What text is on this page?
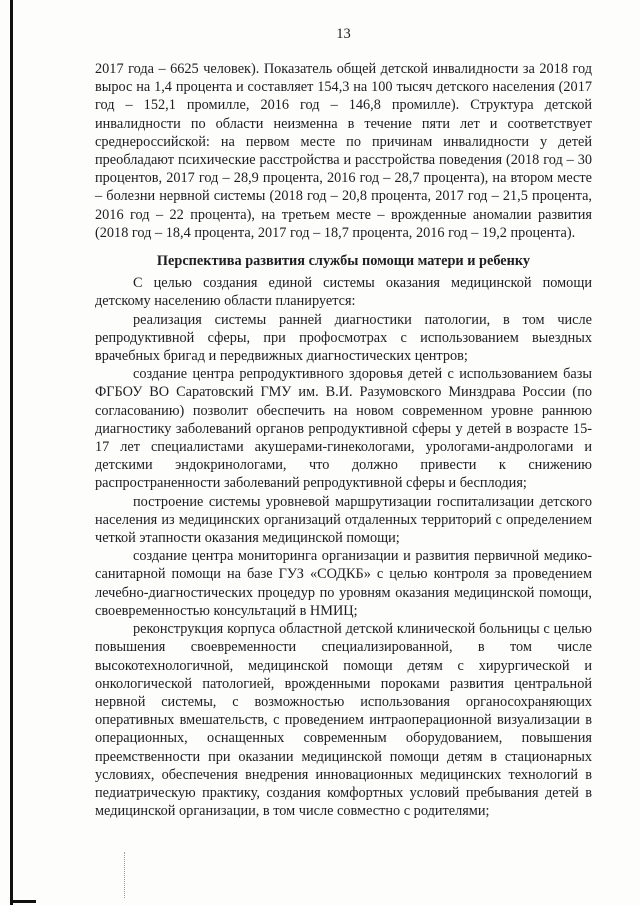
13

2017 года – 6625 человек). Показатель общей детской инвалидности за 2018 год вырос на 1,4 процента и составляет 154,3 на 100 тысяч детского населения (2017 год – 152,1 промилле, 2016 год – 146,8 промилле). Структура детской инвалидности по области неизменна в течение пяти лет и соответствует среднероссийской: на первом месте по причинам инвалидности у детей преобладают психические расстройства и расстройства поведения (2018 год – 30 процентов, 2017 год – 28,9 процента, 2016 год – 28,7 процента), на втором месте – болезни нервной системы (2018 год – 20,8 процента, 2017 год – 21,5 процента, 2016 год – 22 процента), на третьем месте – врожденные аномалии развития (2018 год – 18,4 процента, 2017 год – 18,7 процента, 2016 год – 19,2 процента).

Перспектива развития службы помощи матери и ребенку

С целью создания единой системы оказания медицинской помощи детскому населению области планируется:

реализация системы ранней диагностики патологии, в том числе репродуктивной сферы, при профосмотрах с использованием выездных врачебных бригад и передвижных диагностических центров;

создание центра репродуктивного здоровья детей с использованием базы ФГБОУ ВО Саратовский ГМУ им. В.И. Разумовского Минздрава России (по согласованию) позволит обеспечить на новом современном уровне раннюю диагностику заболеваний органов репродуктивной сферы у детей в возрасте 15-17 лет специалистами акушерами-гинекологами, урологами-андрологами и детскими эндокринологами, что должно привести к снижению распространенности заболеваний репродуктивной сферы и бесплодия;

построение системы уровневой маршрутизации госпитализации детского населения из медицинских организаций отдаленных территорий с определением четкой этапности оказания медицинской помощи;

создание центра мониторинга организации и развития первичной медико-санитарной помощи на базе ГУЗ «СОДКБ» с целью контроля за проведением лечебно-диагностических процедур по уровням оказания медицинской помощи, своевременностью консультаций в НМИЦ;

реконструкция корпуса областной детской клинической больницы с целью повышения своевременности специализированной, в том числе высокотехнологичной, медицинской помощи детям с хирургической и онкологической патологией, врожденными пороками развития центральной нервной системы, с возможностью использования органосохраняющих оперативных вмешательств, с проведением интраоперационной визуализации в операционных, оснащенных современным оборудованием, повышения преемственности при оказании медицинской помощи детям в стационарных условиях, обеспечения внедрения инновационных медицинских технологий в педиатрическую практику, создания комфортных условий пребывания детей в медицинской организации, в том числе совместно с родителями;
